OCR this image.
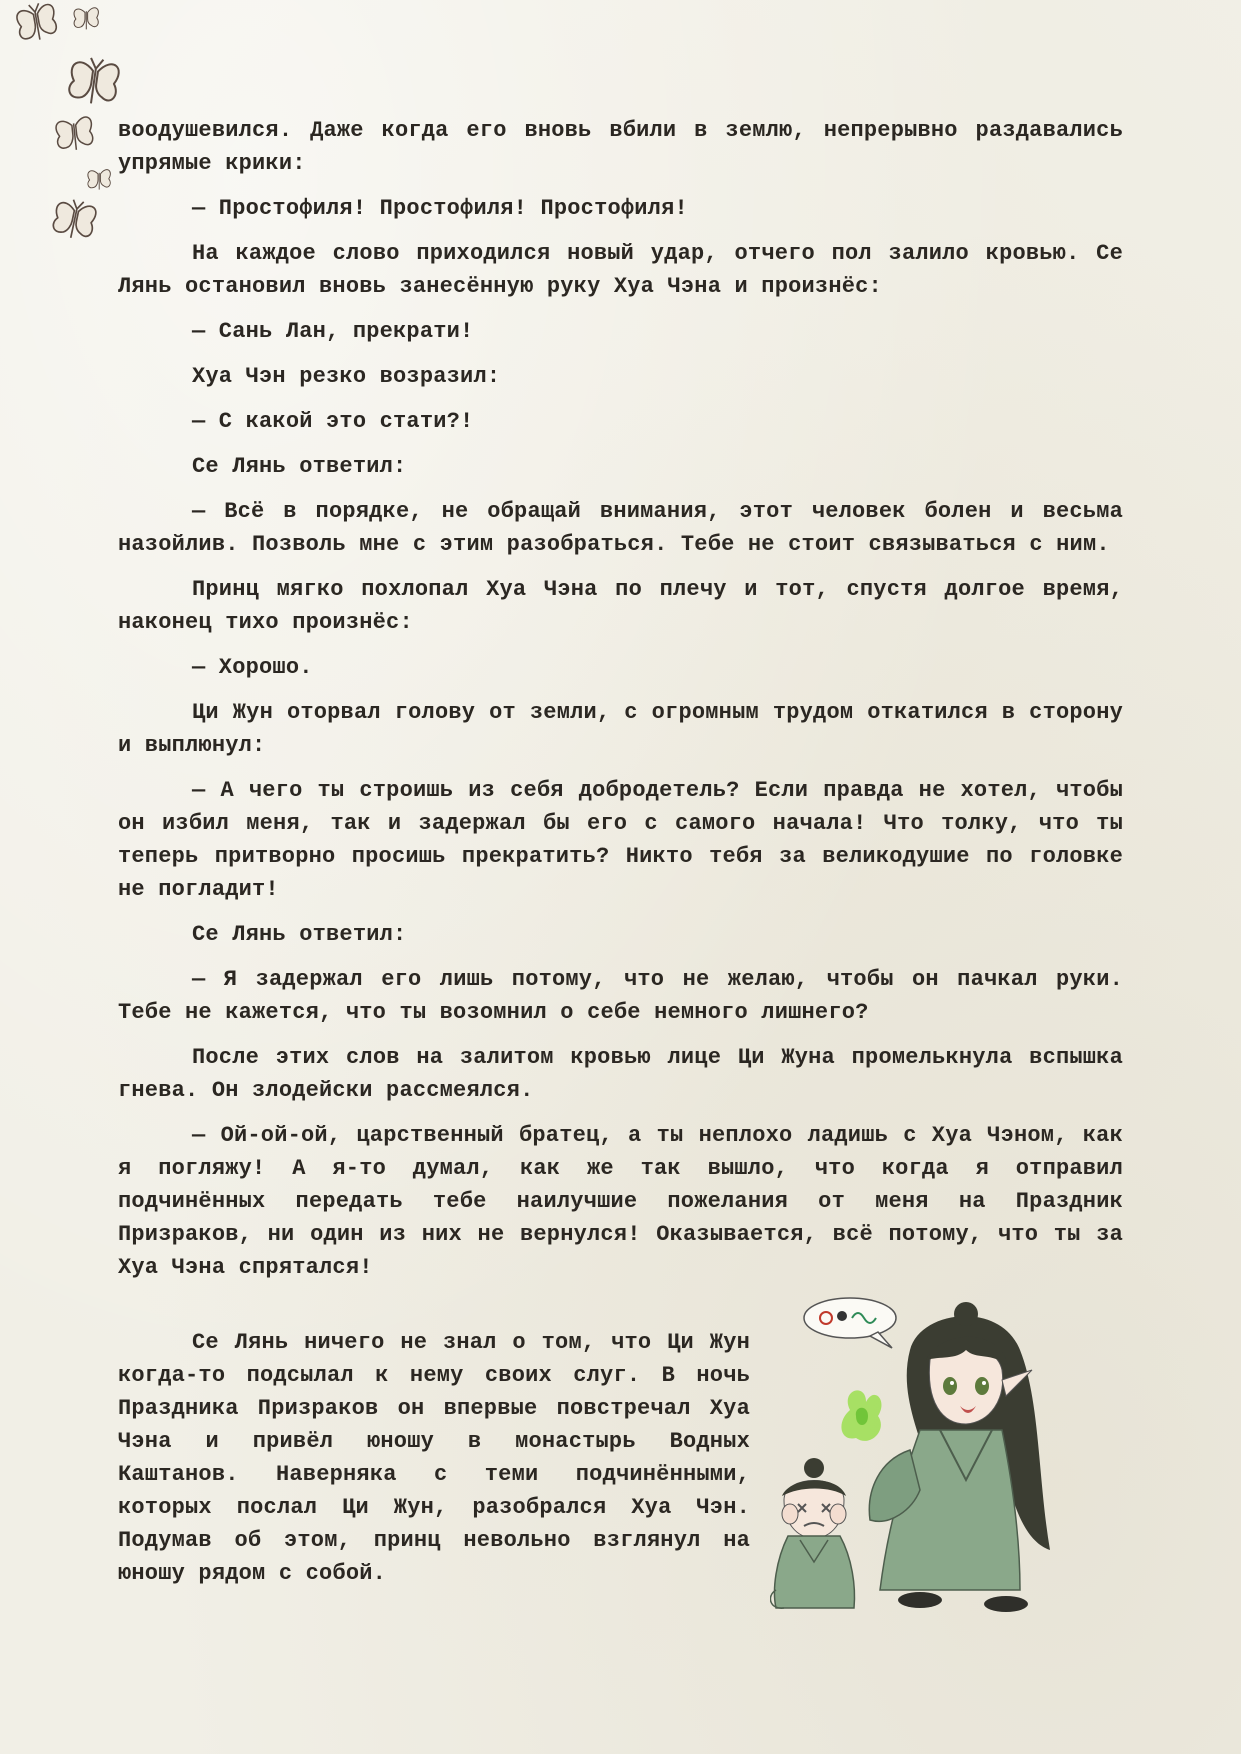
воодушевился. Даже когда его вновь вбили в землю, непрерывно раздавались упрямые крики:

— Простофиля! Простофиля! Простофиля!

На каждое слово приходился новый удар, отчего пол залило кровью. Се Лянь остановил вновь занесённую руку Хуа Чэна и произнёс:

— Сань Лан, прекрати!

Хуа Чэн резко возразил:

— С какой это стати?!

Се Лянь ответил:

— Всё в порядке, не обращай внимания, этот человек болен и весьма назойлив. Позволь мне с этим разобраться. Тебе не стоит связываться с ним.

Принц мягко похлопал Хуа Чэна по плечу и тот, спустя долгое время, наконец тихо произнёс:

— Хорошо.

Ци Жун оторвал голову от земли, с огромным трудом откатился в сторону и выплюнул:

— А чего ты строишь из себя добродетель? Если правда не хотел, чтобы он избил меня, так и задержал бы его с самого начала! Что толку, что ты теперь притворно просишь прекратить? Никто тебя за великодушие по головке не погладит!

Се Лянь ответил:

— Я задержал его лишь потому, что не желаю, чтобы он пачкал руки. Тебе не кажется, что ты возомнил о себе немного лишнего?

После этих слов на залитом кровью лице Ци Жуна промелькнула вспышка гнева. Он злодейски рассмеялся.

— Ой-ой-ой, царственный братец, а ты неплохо ладишь с Хуа Чэном, как я погляжу! А я-то думал, как же так вышло, что когда я отправил подчинённых передать тебе наилучшие пожелания от меня на Праздник Призраков, ни один из них не вернулся! Оказывается, всё потому, что ты за Хуа Чэна спрятался!

Се Лянь ничего не знал о том, что Ци Жун когда-то подсылал к нему своих слуг. В ночь Праздника Призраков он впервые повстречал Хуа Чэна и привёл юношу в монастырь Водных Каштанов. Наверняка с теми подчинёнными, которых послал Ци Жун, разобрался Хуа Чэн. Подумав об этом, принц невольно взглянул на юношу рядом с собой.
